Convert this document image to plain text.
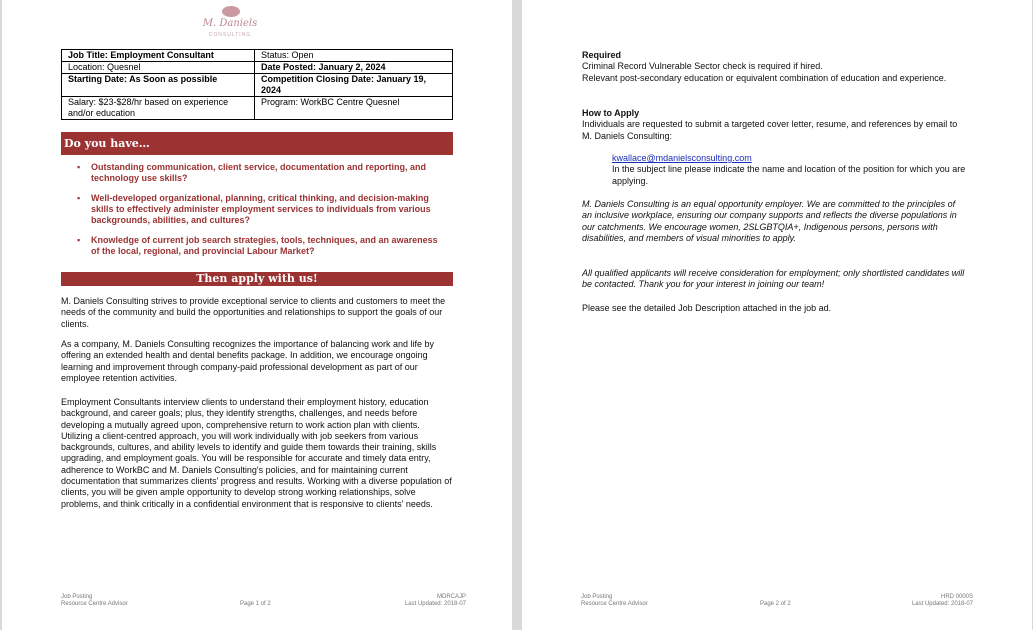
M. Daniels
CONSULTING
Job Title: Employment Consultant	Status: Open
Location: Quesnel	Date Posted: January 2, 2024
Starting Date: As Soon as possible	Competition Closing Date: January 19, 2024
Salary: $23-$28/hr based on experience and/or education	Program: WorkBC Centre Quesnel
Do you have…
▪ Outstanding communication, client service, documentation and reporting, and technology use skills?
▪ Well-developed organizational, planning, critical thinking, and decision-making skills to effectively administer employment services to individuals from various backgrounds, abilities, and cultures?
▪ Knowledge of current job search strategies, tools, techniques, and an awareness of the local, regional, and provincial Labour Market?
Then apply with us!
M. Daniels Consulting strives to provide exceptional service to clients and customers to meet the needs of the community and build the opportunities and relationships to support the goals of our clients.
As a company, M. Daniels Consulting recognizes the importance of balancing work and life by offering an extended health and dental benefits package. In addition, we encourage ongoing learning and improvement through company-paid professional development as part of our employee retention activities.
Employment Consultants interview clients to understand their employment history, education background, and career goals; plus, they identify strengths, challenges, and needs before developing a mutually agreed upon, comprehensive return to work action plan with clients. Utilizing a client-centred approach, you will work individually with job seekers from various backgrounds, cultures, and ability levels to identify and guide them towards their training, skills upgrading, and employment goals. You will be responsible for accurate and timely data entry, adherence to WorkBC and M. Daniels Consulting's policies, and for maintaining current documentation that summarizes clients' progress and results. Working with a diverse population of clients, you will be given ample opportunity to develop strong working relationships, solve problems, and think critically in a confidential environment that is responsive to clients' needs.
Job Posting
Resource Centre Advisor	Page 1 of 2
MDRCAJP
Last Updated: 2018-07
Required
Criminal Record Vulnerable Sector check is required if hired.
Relevant post-secondary education or equivalent combination of education and experience.
How to Apply
Individuals are requested to submit a targeted cover letter, resume, and references by email to M. Daniels Consulting:
kwallace@mdanielsconsulting.com
In the subject line please indicate the name and location of the position for which you are applying.
M. Daniels Consulting is an equal opportunity employer. We are committed to the principles of an inclusive workplace, ensuring our company supports and reflects the diverse populations in our catchments. We encourage women, 2SLGBTQIA+, Indigenous persons, persons with disabilities, and members of visual minorities to apply.
All qualified applicants will receive consideration for employment; only shortlisted candidates will be contacted. Thank you for your interest in joining our team!
Please see the detailed Job Description attached in the job ad.
Job Posting
Resource Centre Advisor	Page 2 of 2
HRD 0000S
Last Updated: 2018-07
